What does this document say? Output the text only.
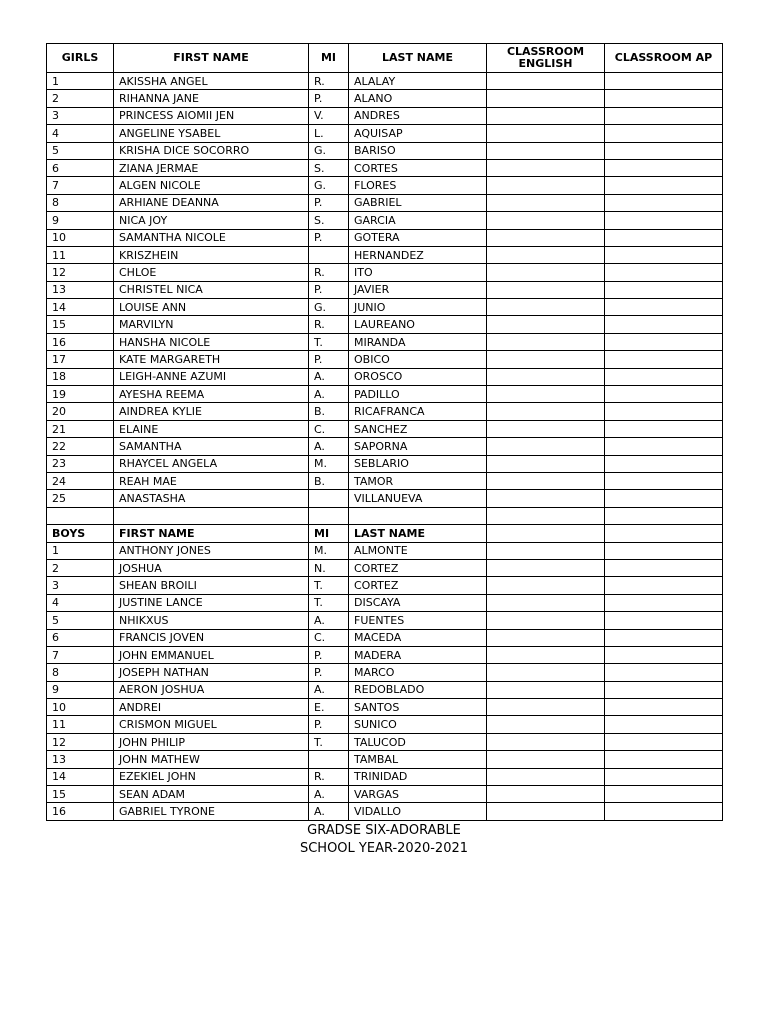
GIRLS	FIRST NAME	MI	LAST NAME	CLASSROOM ENGLISH	CLASSROOM AP
1	AKISSHA ANGEL	R.	ALALAY		
2	RIHANNA JANE	P.	ALANO		
3	PRINCESS AIOMII JEN	V.	ANDRES		
4	ANGELINE YSABEL	L.	AQUISAP		
5	KRISHA DICE SOCORRO	G.	BARISO		
6	ZIANA JERMAE	S.	CORTES		
7	ALGEN NICOLE	G.	FLORES		
8	ARHIANE DEANNA	P.	GABRIEL		
9	NICA JOY	S.	GARCIA		
10	SAMANTHA NICOLE	P.	GOTERA		
11	KRISZHEIN		HERNANDEZ		
12	CHLOE	R.	ITO		
13	CHRISTEL NICA	P.	JAVIER		
14	LOUISE ANN	G.	JUNIO		
15	MARVILYN	R.	LAUREANO		
16	HANSHA NICOLE	T.	MIRANDA		
17	KATE MARGARETH	P.	OBICO		
18	LEIGH-ANNE AZUMI	A.	OROSCO		
19	AYESHA REEMA	A.	PADILLO		
20	AINDREA KYLIE	B.	RICAFRANCA		
21	ELAINE	C.	SANCHEZ		
22	SAMANTHA	A.	SAPORNA		
23	RHAYCEL ANGELA	M.	SEBLARIO		
24	REAH MAE	B.	TAMOR		
25	ANASTASHA		VILLANUEVA		

BOYS	FIRST NAME	MI	LAST NAME		
1	ANTHONY JONES	M.	ALMONTE		
2	JOSHUA	N.	CORTEZ		
3	SHEAN BROILI	T.	CORTEZ		
4	JUSTINE LANCE	T.	DISCAYA		
5	NHIKXUS	A.	FUENTES		
6	FRANCIS JOVEN	C.	MACEDA		
7	JOHN EMMANUEL	P.	MADERA		
8	JOSEPH NATHAN	P.	MARCO		
9	AERON JOSHUA	A.	REDOBLADO		
10	ANDREI	E.	SANTOS		
11	CRISMON MIGUEL	P.	SUNICO		
12	JOHN PHILIP	T.	TALUCOD		
13	JOHN MATHEW		TAMBAL		
14	EZEKIEL JOHN	R.	TRINIDAD		
15	SEAN ADAM	A.	VARGAS		
16	GABRIEL TYRONE	A.	VIDALLO		
GRADSE SIX-ADORABLE
SCHOOL YEAR-2020-2021
